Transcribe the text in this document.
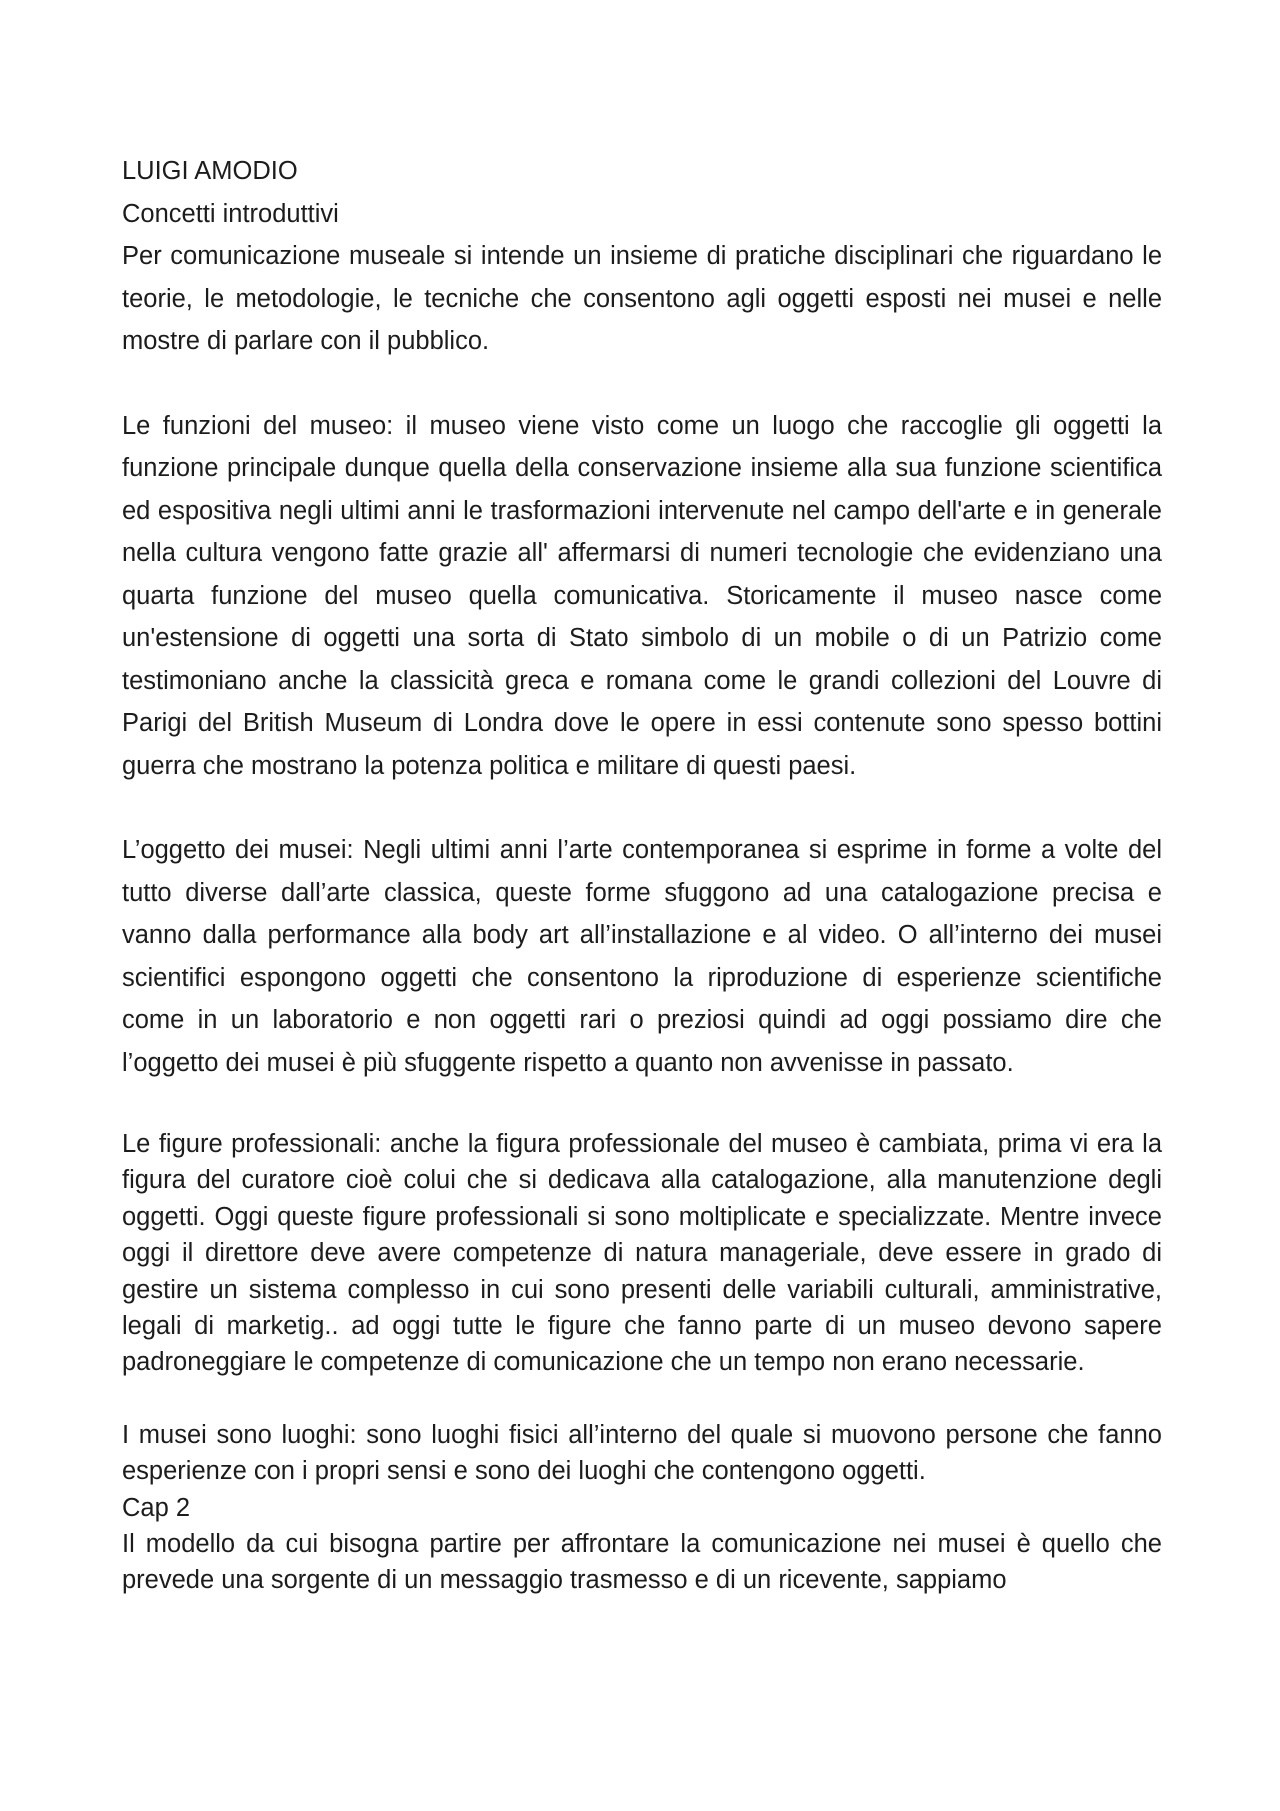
LUIGI AMODIO

Concetti introduttivi

Per comunicazione museale si intende un insieme di pratiche disciplinari che riguardano le teorie, le metodologie, le tecniche che consentono agli oggetti esposti nei musei e nelle mostre di parlare con il pubblico.

Le funzioni del museo: il museo viene visto come un luogo che raccoglie gli oggetti la funzione principale dunque quella della conservazione insieme alla sua funzione scientifica ed espositiva negli ultimi anni le trasformazioni intervenute nel campo dell'arte e in generale nella cultura vengono fatte grazie all' affermarsi di numeri tecnologie che evidenziano una quarta funzione del museo quella comunicativa. Storicamente il museo nasce come un'estensione di oggetti una sorta di Stato simbolo di un mobile o di un Patrizio come testimoniano anche la classicità greca e romana come le grandi collezioni del Louvre di Parigi del British Museum di Londra dove le opere in essi contenute sono spesso bottini guerra che mostrano la potenza politica e militare di questi paesi.

L’oggetto dei musei: Negli ultimi anni l’arte contemporanea si esprime in forme a volte del tutto diverse dall’arte classica, queste forme sfuggono ad una catalogazione precisa e vanno dalla performance alla body art all’installazione e al video. O all’interno dei musei scientifici espongono oggetti che consentono la riproduzione di esperienze scientifiche come in un laboratorio e non oggetti rari o preziosi quindi ad oggi possiamo dire che l’oggetto dei musei è più sfuggente rispetto a quanto non avvenisse in passato.

Le figure professionali: anche la figura professionale del museo è cambiata, prima vi era la figura del curatore cioè colui che si dedicava alla catalogazione, alla manutenzione degli oggetti. Oggi queste figure professionali si sono moltiplicate e specializzate. Mentre invece oggi il direttore deve avere competenze di natura manageriale, deve essere in grado di gestire un sistema complesso in cui sono presenti delle variabili culturali, amministrative, legali di marketig.. ad oggi tutte le figure che fanno parte di un museo devono sapere padroneggiare le competenze di comunicazione che un tempo non erano necessarie.

I musei sono luoghi: sono luoghi fisici all’interno del quale si muovono persone che fanno esperienze con i propri sensi e sono dei luoghi che contengono oggetti.

Cap 2

Il modello da cui bisogna partire per affrontare la comunicazione nei musei è quello che prevede una sorgente di un messaggio trasmesso e di un ricevente, sappiamo
